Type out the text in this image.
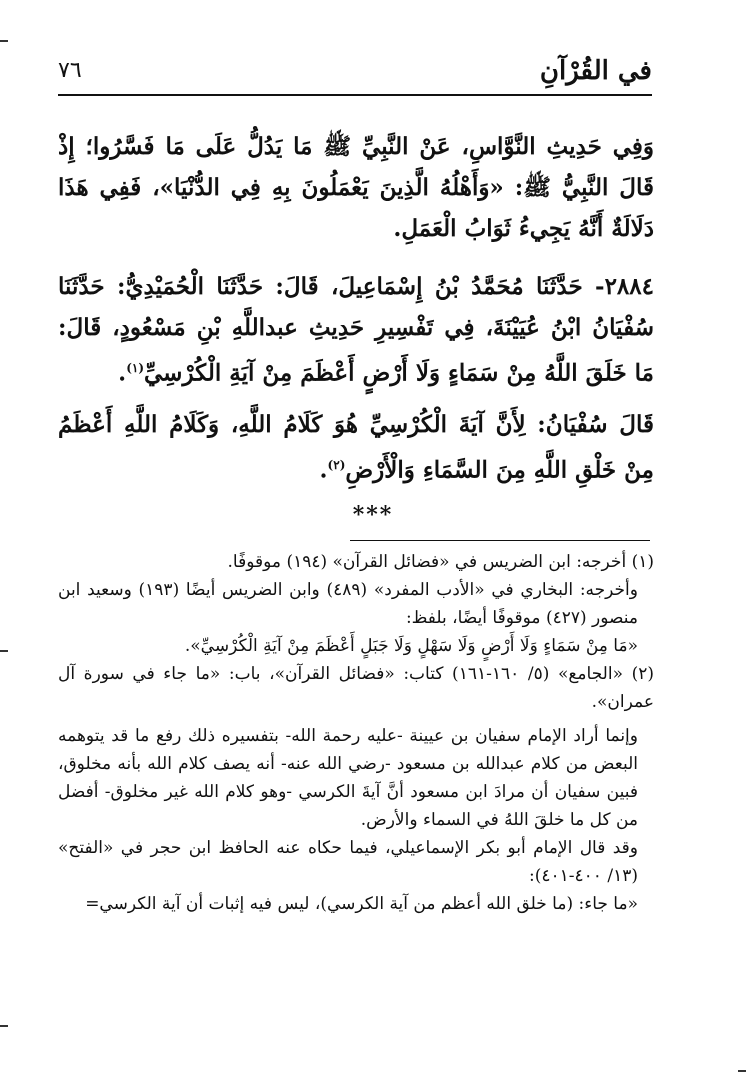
في القُرْآنِ
٧٦

وَفِي حَدِيثِ النَّوَّاسِ، عَنْ النَّبِيِّ ﷺ مَا يَدُلُّ عَلَى مَا فَسَّرُوا؛ إِذْ قَالَ النَّبِيُّ ﷺ: «وَأَهْلُهُ الَّذِينَ يَعْمَلُونَ بِهِ فِي الدُّنْيَا»، فَفِي هَذَا دَلَالَةٌ أَنَّهُ يَجِيءُ ثَوَابُ الْعَمَلِ.

٢٨٨٤- حَدَّثَنَا مُحَمَّدُ بْنُ إِسْمَاعِيلَ، قَالَ: حَدَّثَنَا الْحُمَيْدِيُّ: حَدَّثَنَا سُفْيَانُ ابْنُ عُيَيْنَةَ، فِي تَفْسِيرِ حَدِيثِ عبداللَّهِ بْنِ مَسْعُودٍ، قَالَ: مَا خَلَقَ اللَّهُ مِنْ سَمَاءٍ وَلَا أَرْضٍ أَعْظَمَ مِنْ آيَةِ الْكُرْسِيِّ$^{(١)}$.

قَالَ سُفْيَانُ: لِأَنَّ آيَةَ الْكُرْسِيِّ هُوَ كَلَامُ اللَّهِ، وَكَلَامُ اللَّهِ أَعْظَمُ مِنْ خَلْقِ اللَّهِ مِنَ السَّمَاءِ وَالْأَرْضِ$^{(٢)}$.

***

(١) أخرجه: ابن الضريس في «فضائل القرآن» (١٩٤) موقوفًا.

وأخرجه: البخاري في «الأدب المفرد» (٤٨٩) وابن الضريس أيضًا (١٩٣) وسعيد ابن منصور (٤٢٧) موقوفًا أيضًا، بلفظ:

«مَا مِنْ سَمَاءٍ وَلَا أَرْضٍ وَلَا سَهْلٍ وَلَا جَبَلٍ أَعْظَمَ مِنْ آيَةِ الْكُرْسِيِّ».

(٢) «الجامع» (٥/ ١٦٠-١٦١) كتاب: «فضائل القرآن»، باب: «ما جاء في سورة آل عمران».

وإنما أراد الإمام سفيان بن عيينة -عليه رحمة الله- بتفسيره ذلك رفع ما قد يتوهمه البعض من كلام عبدالله بن مسعود -رضي الله عنه- أنه يصف كلام الله بأنه مخلوق، فبين سفيان أن مرادَ ابن مسعود أنَّ آيةَ الكرسي -وهو كلام الله غير مخلوق- أفضل من كل ما خلقَ اللهُ في السماء والأرض.

وقد قال الإمام أبو بكر الإسماعيلي، فيما حكاه عنه الحافظ ابن حجر في «الفتح» (١٣/ ٤٠٠-٤٠١):

«ما جاء: (ما خلق الله أعظم من آية الكرسي)، ليس فيه إثبات أن آية الكرسي=
